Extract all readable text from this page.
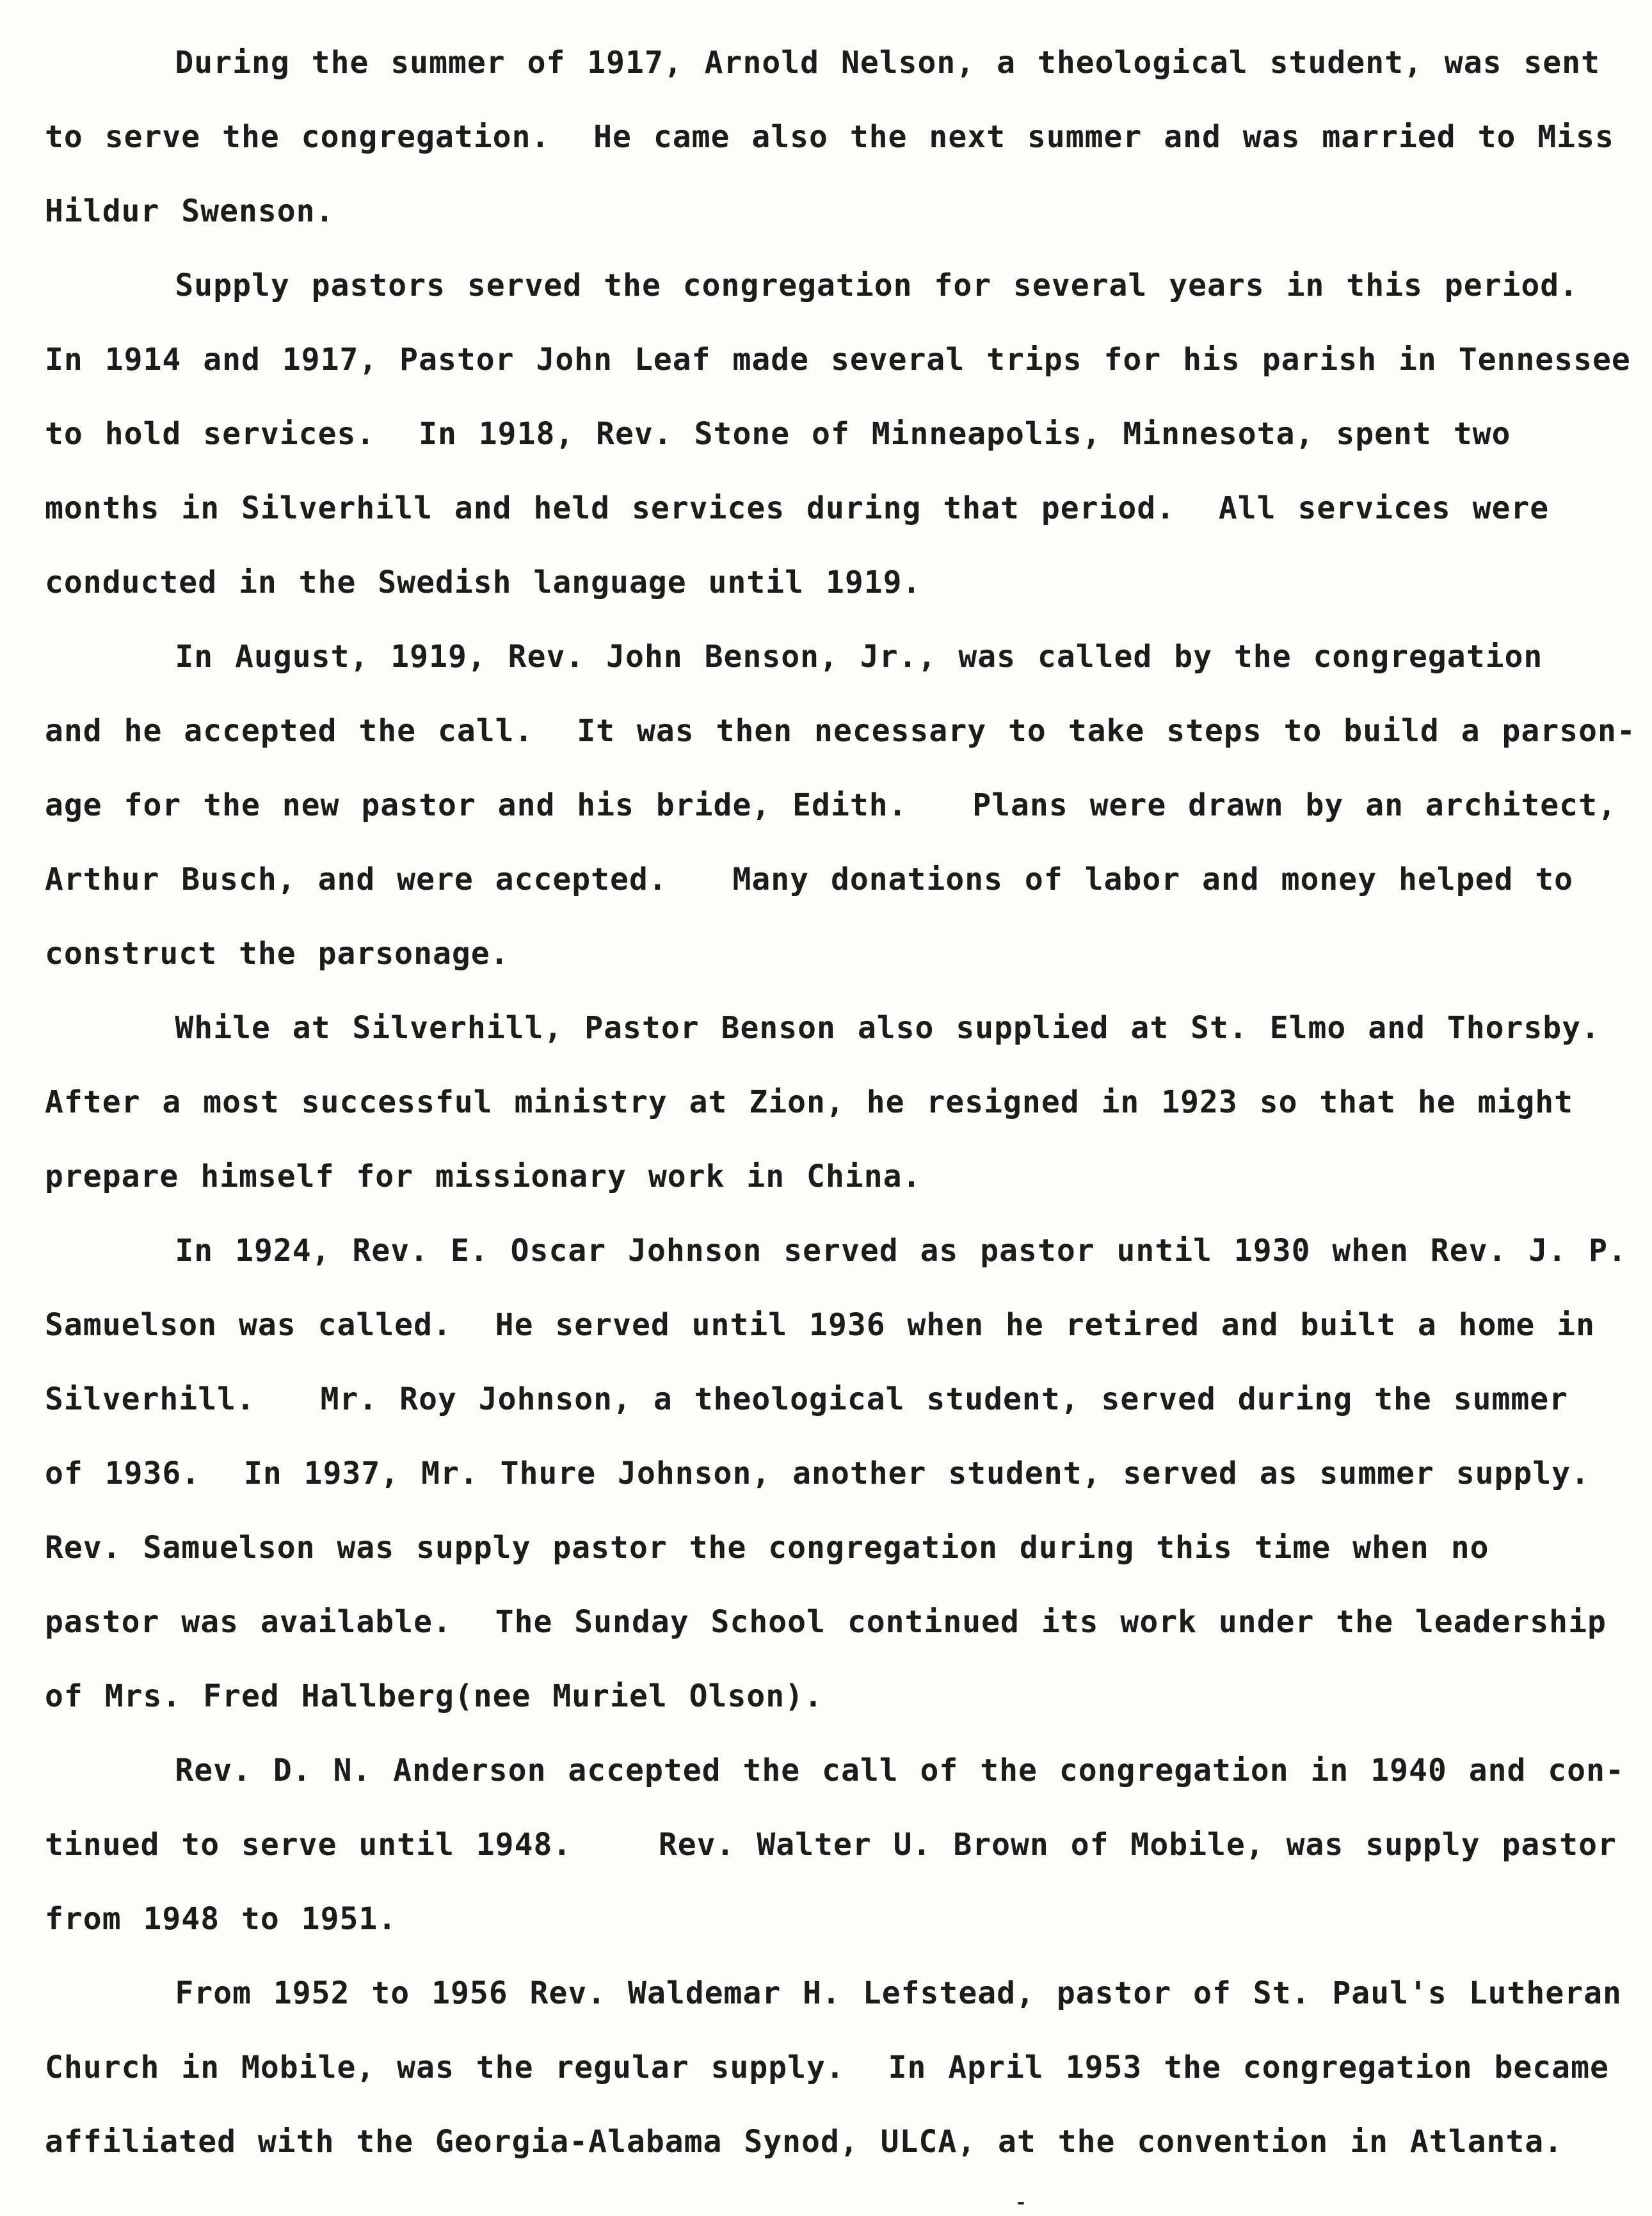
During the summer of 1917, Arnold Nelson, a theological student, was sent
to serve the congregation.  He came also the next summer and was married to Miss
Hildur Swenson.
Supply pastors served the congregation for several years in this period.
In 1914 and 1917, Pastor John Leaf made several trips for his parish in Tennessee
to hold services.  In 1918, Rev. Stone of Minneapolis, Minnesota, spent two
months in Silverhill and held services during that period.  All services were
conducted in the Swedish language until 1919.
In August, 1919, Rev. John Benson, Jr., was called by the congregation
and he accepted the call.  It was then necessary to take steps to build a parson-
age for the new pastor and his bride, Edith.   Plans were drawn by an architect,
Arthur Busch, and were accepted.   Many donations of labor and money helped to
construct the parsonage.
While at Silverhill, Pastor Benson also supplied at St. Elmo and Thorsby.
After a most successful ministry at Zion, he resigned in 1923 so that he might
prepare himself for missionary work in China.
In 1924, Rev. E. Oscar Johnson served as pastor until 1930 when Rev. J. P.
Samuelson was called.  He served until 1936 when he retired and built a home in
Silverhill.   Mr. Roy Johnson, a theological student, served during the summer
of 1936.  In 1937, Mr. Thure Johnson, another student, served as summer supply.
Rev. Samuelson was supply pastor the congregation during this time when no
pastor was available.  The Sunday School continued its work under the leadership
of Mrs. Fred Hallberg(nee Muriel Olson).
Rev. D. N. Anderson accepted the call of the congregation in 1940 and con-
tinued to serve until 1948.    Rev. Walter U. Brown of Mobile, was supply pastor
from 1948 to 1951.
From 1952 to 1956 Rev. Waldemar H. Lefstead, pastor of St. Paul's Lutheran
Church in Mobile, was the regular supply.  In April 1953 the congregation became
affiliated with the Georgia-Alabama Synod, ULCA, at the convention in Atlanta.
